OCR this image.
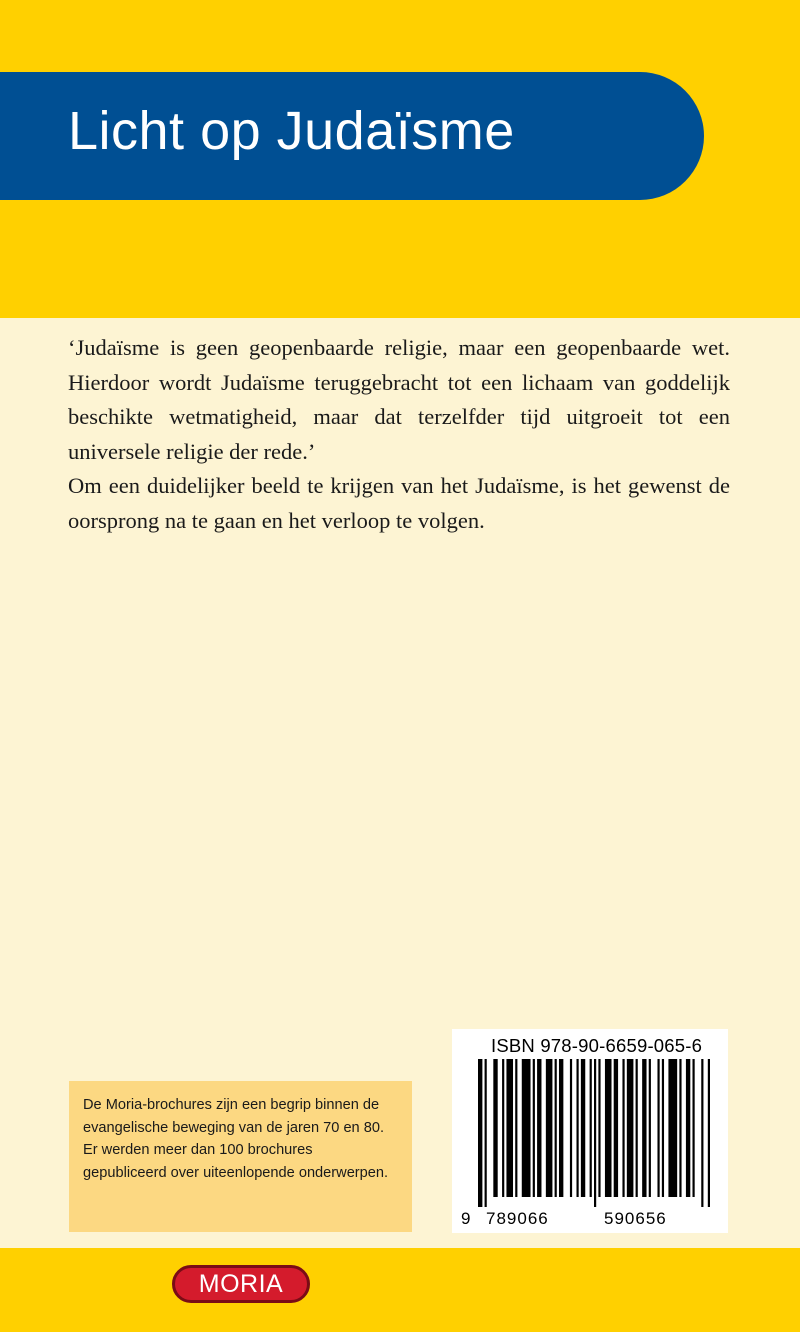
Licht op Judaïsme

‘Judaïsme is geen geopenbaarde religie, maar een geopenbaarde wet. Hierdoor wordt Judaïsme teruggebracht tot een lichaam van goddelijk beschikte wetmatigheid, maar dat terzelfder tijd uitgroeit tot een universele religie der rede.’

Om een duidelijker beeld te krijgen van het Judaïsme, is het gewenst de oorsprong na te gaan en het verloop te volgen.

De Moria-brochures zijn een begrip binnen de evangelische beweging van de jaren 70 en 80. Er werden meer dan 100 brochures gepubliceerd over uiteenlopende onderwerpen.
ISBN 978-90-6659-065-6
9 789066	590656
MORIA
